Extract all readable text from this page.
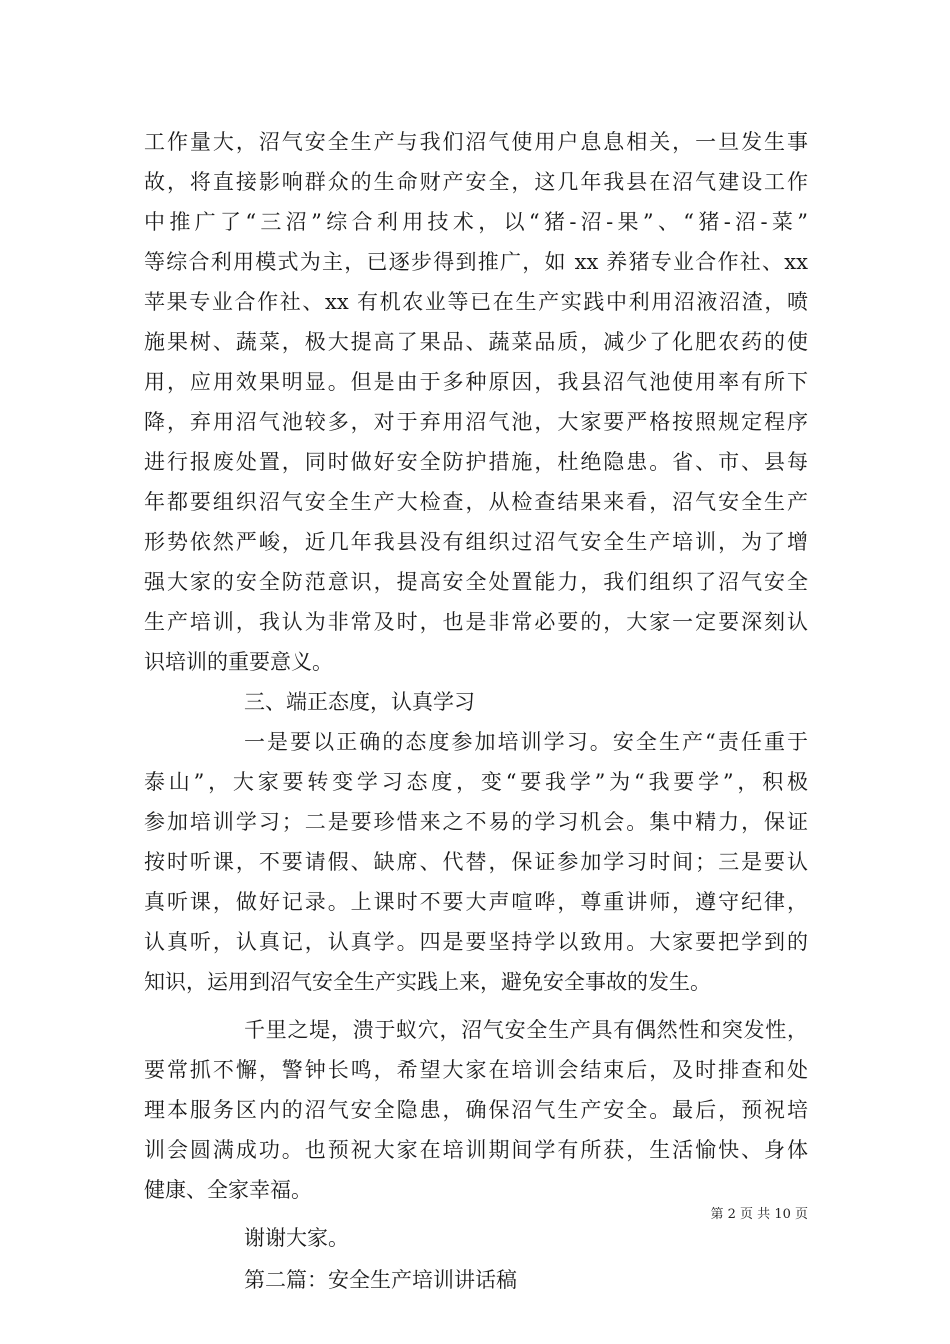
工作量大，沼气安全生产与我们沼气使用户息息相关，一旦发生事
故，将直接影响群众的生命财产安全，这几年我县在沼气建设工作
中推广了“三沼”综合利用技术，以“猪-沼-果”、“猪-沼-菜”
等综合利用模式为主，已逐步得到推广，如 xx 养猪专业合作社、xx
苹果专业合作社、xx 有机农业等已在生产实践中利用沼液沼渣，喷
施果树、蔬菜，极大提高了果品、蔬菜品质，减少了化肥农药的使
用，应用效果明显。但是由于多种原因，我县沼气池使用率有所下
降，弃用沼气池较多，对于弃用沼气池，大家要严格按照规定程序
进行报废处置，同时做好安全防护措施，杜绝隐患。省、市、县每
年都要组织沼气安全生产大检查，从检查结果来看，沼气安全生产
形势依然严峻，近几年我县没有组织过沼气安全生产培训，为了增
强大家的安全防范意识，提高安全处置能力，我们组织了沼气安全
生产培训，我认为非常及时，也是非常必要的，大家一定要深刻认
识培训的重要意义。
三、端正态度，认真学习
一是要以正确的态度参加培训学习。安全生产“责任重于
泰山”，大家要转变学习态度，变“要我学”为“我要学”，积极
参加培训学习；二是要珍惜来之不易的学习机会。集中精力，保证
按时听课，不要请假、缺席、代替，保证参加学习时间；三是要认
真听课，做好记录。上课时不要大声喧哗，尊重讲师，遵守纪律，
认真听，认真记，认真学。四是要坚持学以致用。大家要把学到的
知识，运用到沼气安全生产实践上来，避免安全事故的发生。
千里之堤，溃于蚁穴，沼气安全生产具有偶然性和突发性，
要常抓不懈，警钟长鸣，希望大家在培训会结束后，及时排查和处
理本服务区内的沼气安全隐患，确保沼气生产安全。最后，预祝培
训会圆满成功。也预祝大家在培训期间学有所获，生活愉快、身体
健康、全家幸福。
谢谢大家。
第二篇：安全生产培训讲话稿
第 2 页 共 10 页
